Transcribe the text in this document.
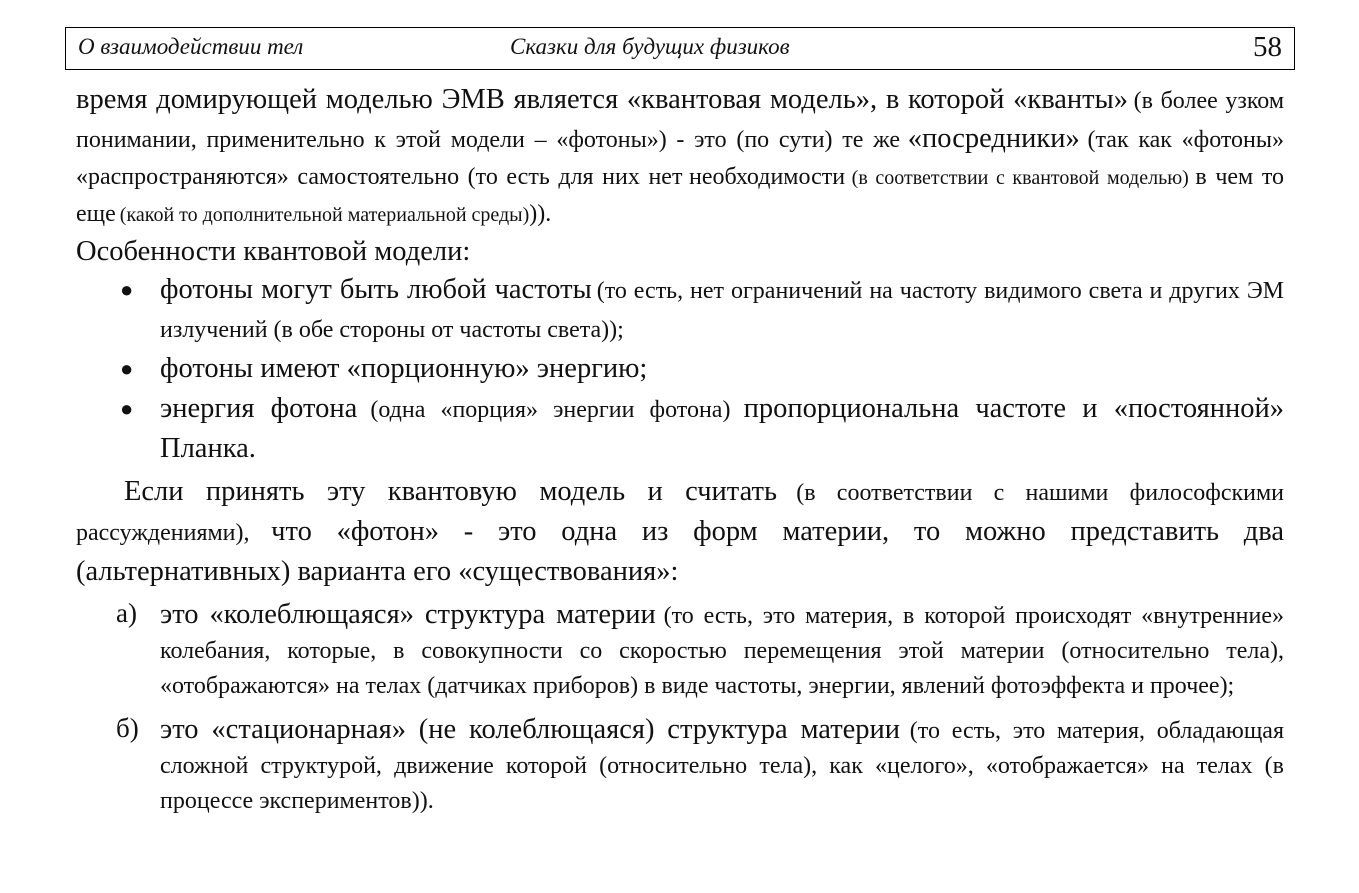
О взаимодействии тел	Сказки для будущих физиков	58

время домирующей моделью ЭМВ является «квантовая модель», в которой «кванты» (в более узком понимании, применительно к этой модели – «фотоны») - это (по сути) те же «посредники» (так как «фотоны» «распространяются» самостоятельно (то есть для них нет необходимости (в соответствии с квантовой моделью) в чем то еще (какой то дополнительной материальной среды))).

Особенности квантовой модели:

● фотоны могут быть любой частоты (то есть, нет ограничений на частоту видимого света и других ЭМ излучений (в обе стороны от частоты света));

● фотоны имеют «порционную» энергию;

● энергия фотона (одна «порция» энергии фотона) пропорциональна частоте и «постоянной» Планка.

Если принять эту квантовую модель и считать (в соответствии с нашими философскими рассуждениями), что «фотон» - это одна из форм материи, то можно представить два (альтернативных) варианта его «существования»:

а) это «колеблющаяся» структура материи (то есть, это материя, в которой происходят «внутренние» колебания, которые, в совокупности со скоростью перемещения этой материи (относительно тела), «отображаются» на телах (датчиках приборов) в виде частоты, энергии, явлений фотоэффекта и прочее);

б) это «стационарная» (не колеблющаяся) структура материи (то есть, это материя, обладающая сложной структурой, движение которой (относительно тела), как «целого», «отображается» на телах (в процессе экспериментов)).
